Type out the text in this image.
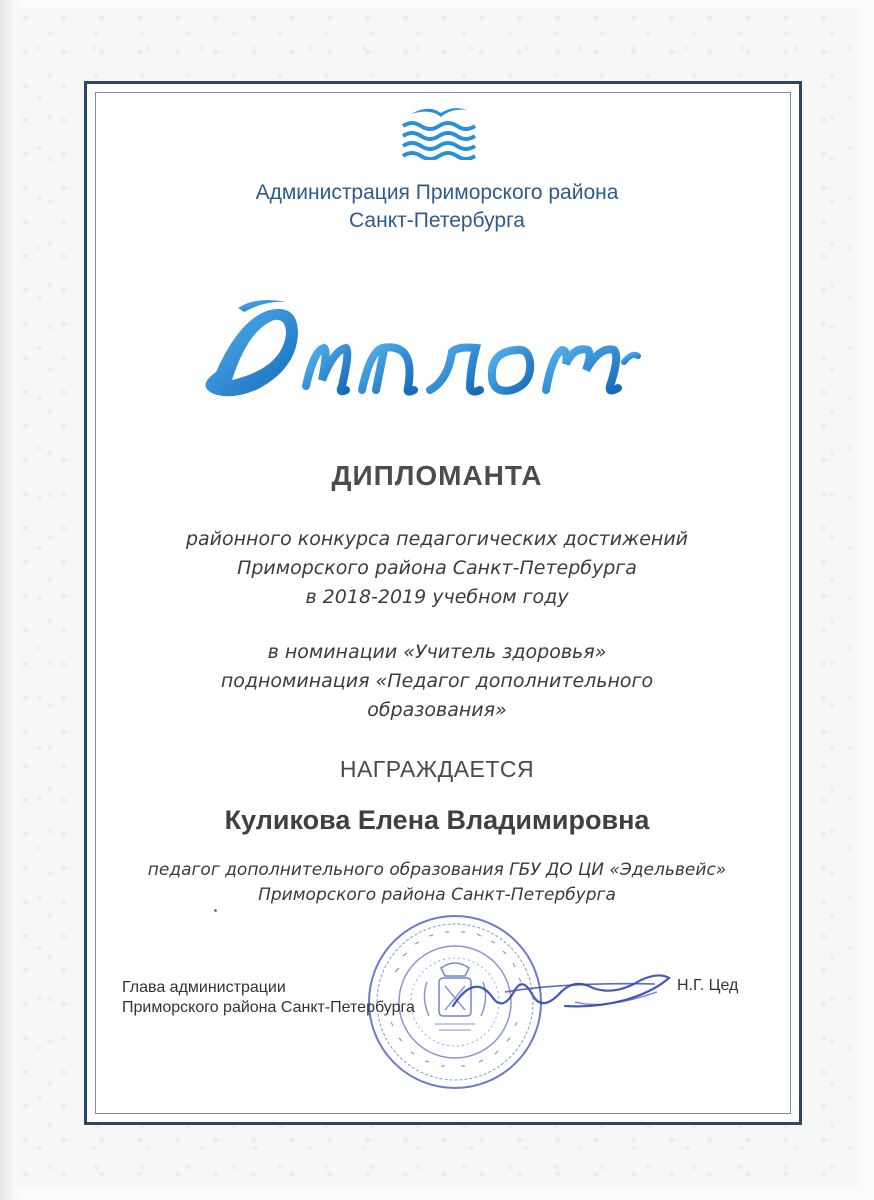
Администрация Приморского района
Санкт-Петербурга
ДИПЛОМАНТА
районного конкурса педагогических достижений
Приморского района Санкт-Петербурга
в 2018-2019 учебном году
в номинации «Учитель здоровья»
подноминация «Педагог дополнительного
образования»
НАГРАЖДАЕТСЯ
Куликова Елена Владимировна
педагог дополнительного образования ГБУ ДО ЦИ «Эдельвейс»
Приморского района Санкт-Петербурга
Глава администрации
Приморского района Санкт-Петербурга
Н.Г. Цед
